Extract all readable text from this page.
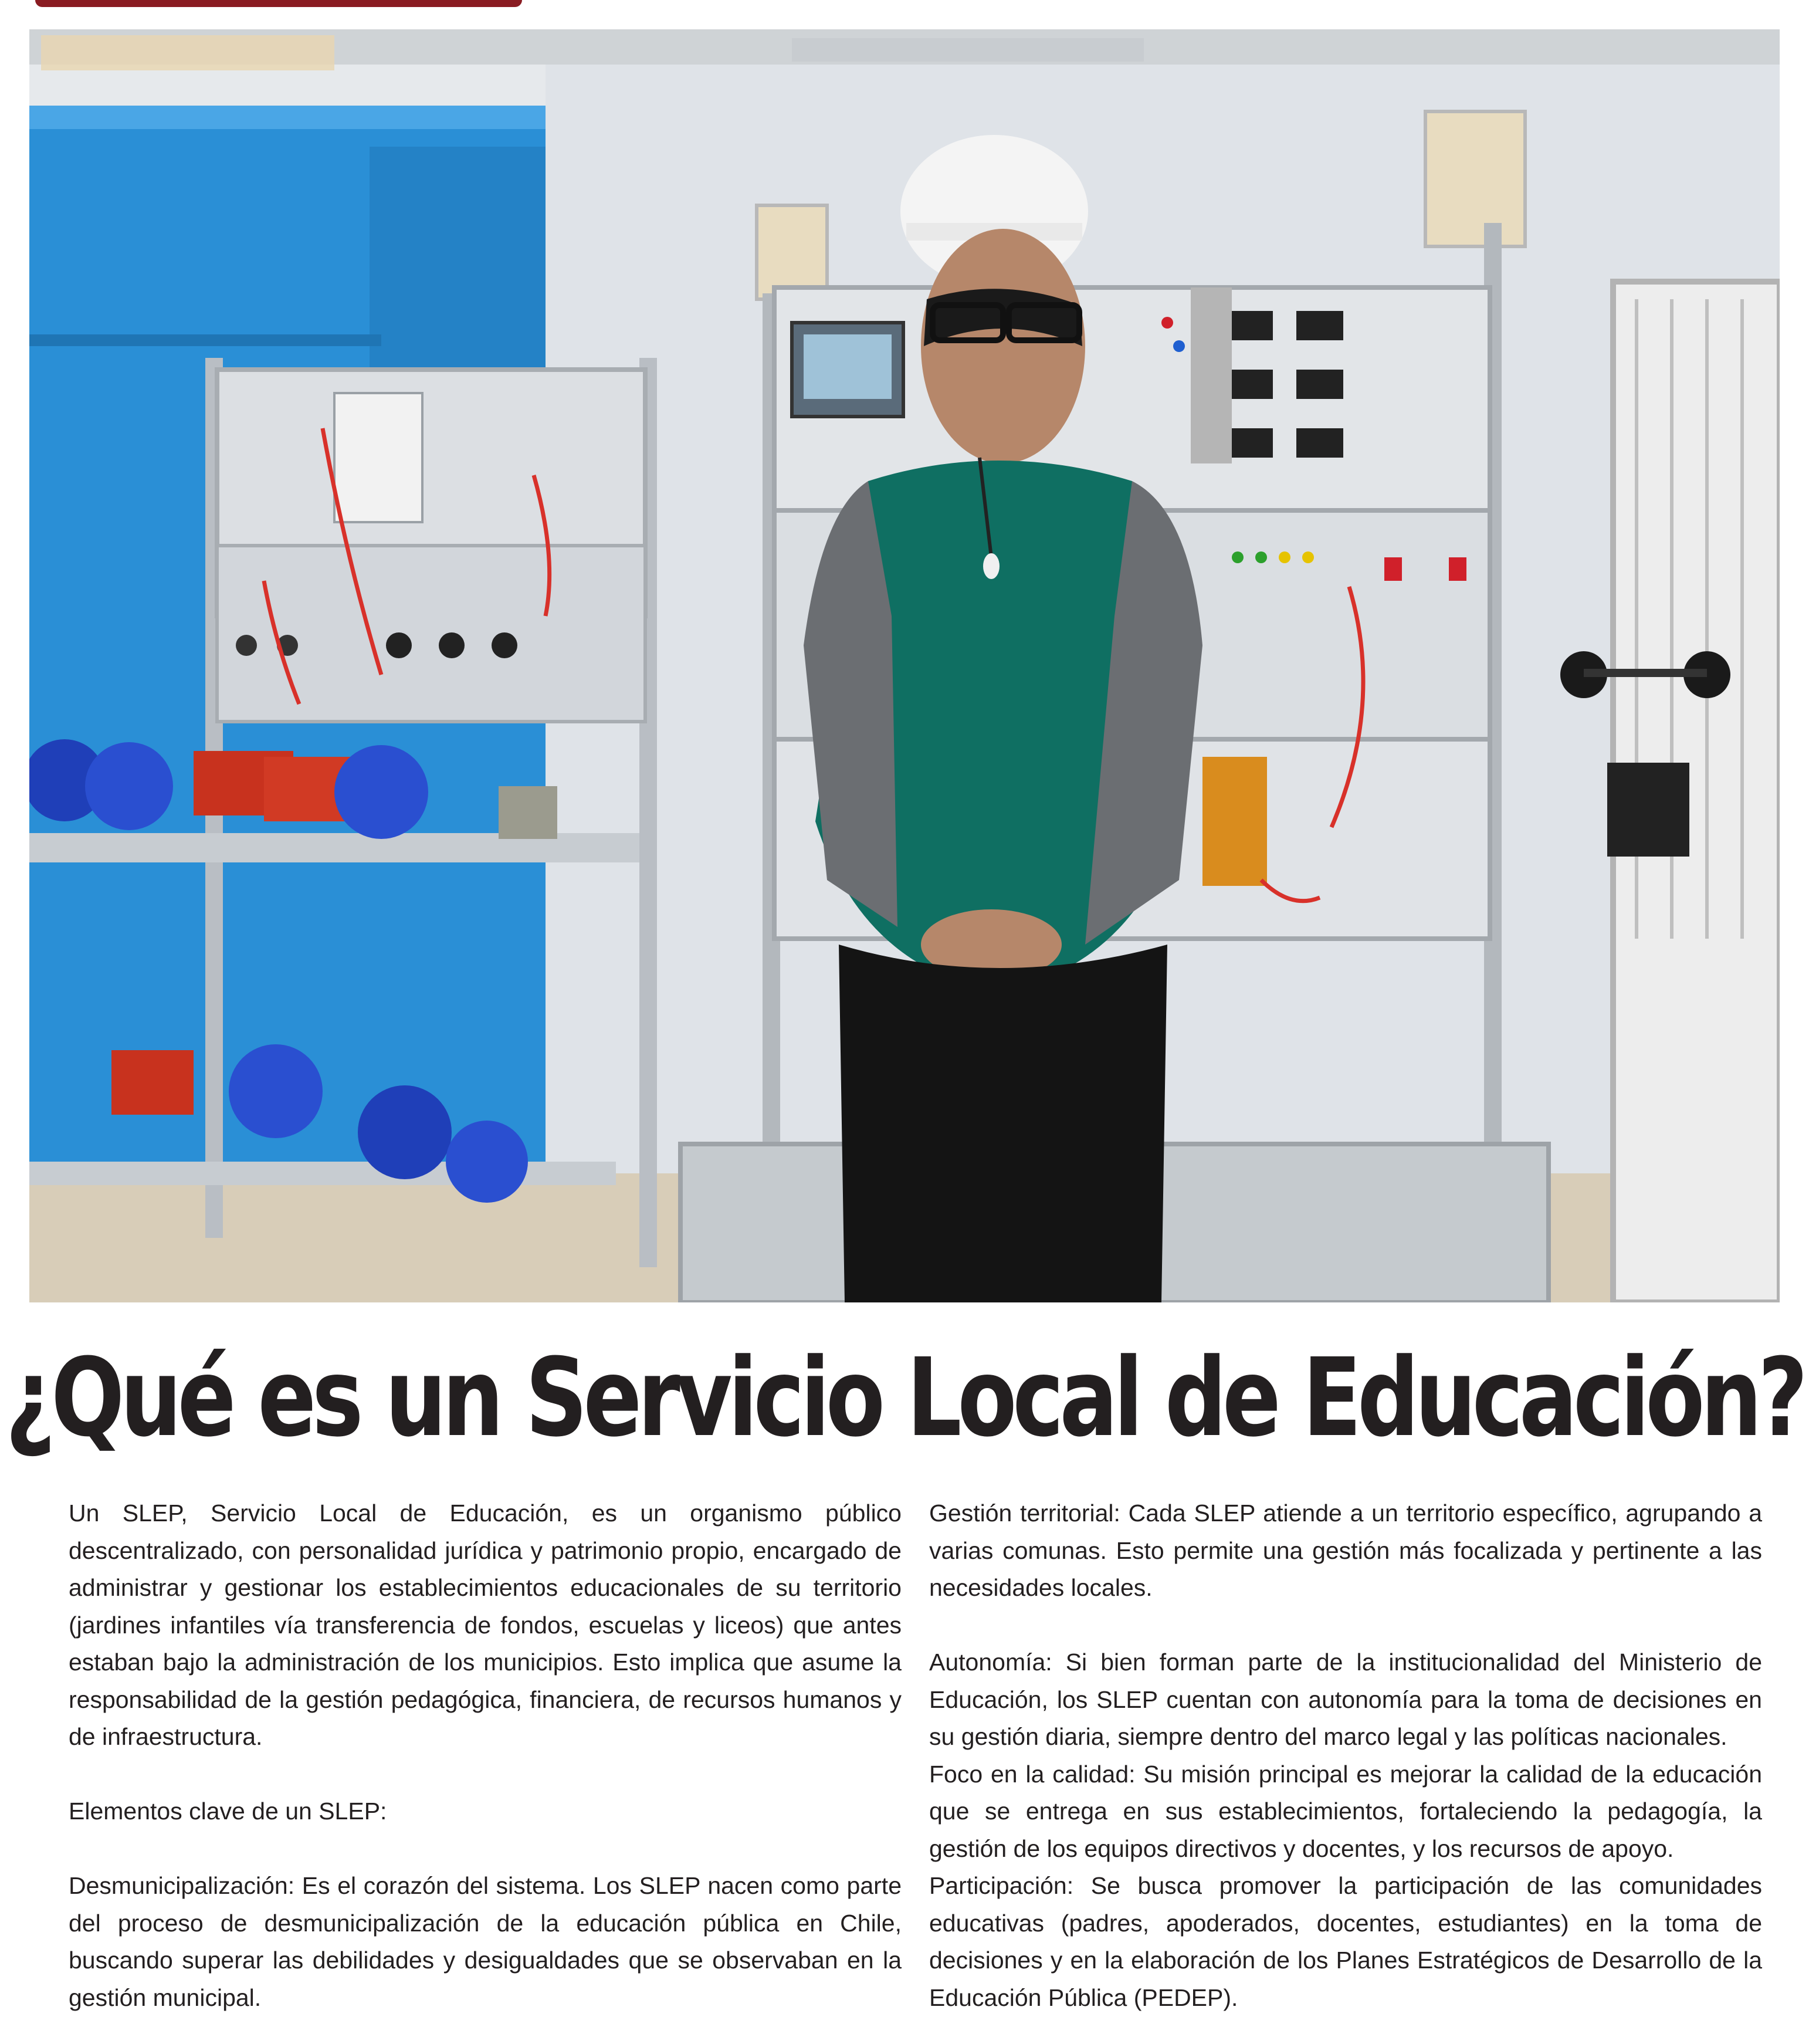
¿Qué es un Servicio Local de Educación?

Un SLEP, Servicio Local de Educación, es un organismo público descentralizado, con personalidad jurídica y patrimonio propio, encargado de administrar y gestionar los establecimientos educacionales de su territorio (jardines infantiles vía transferencia de fondos, escuelas y liceos) que antes estaban bajo la administración de los municipios. Esto implica que asume la responsabilidad de la gestión pedagógica, financiera, de recursos humanos y de infraestructura.

Elementos clave de un SLEP:

Desmunicipalización: Es el corazón del sistema. Los SLEP nacen como parte del proceso de desmunicipalización de la educación pública en Chile, buscando superar las debilidades y desigualdades que se observaban en la gestión municipal.

Gestión territorial: Cada SLEP atiende a un territorio específico, agrupando a varias comunas. Esto permite una gestión más focalizada y pertinente a las necesidades locales.

Autonomía: Si bien forman parte de la institucionalidad del Ministerio de Educación, los SLEP cuentan con autonomía para la toma de decisiones en su gestión diaria, siempre dentro del marco legal y las políticas nacionales.

Foco en la calidad: Su misión principal es mejorar la calidad de la educación que se entrega en sus establecimientos, fortaleciendo la pedagogía, la gestión de los equipos directivos y docentes, y los recursos de apoyo.

Participación: Se busca promover la participación de las comunidades educativas (padres, apoderados, docentes, estudiantes) en la toma de decisiones y en la elaboración de los Planes Estratégicos de Desarrollo de la Educación Pública (PEDEP).
